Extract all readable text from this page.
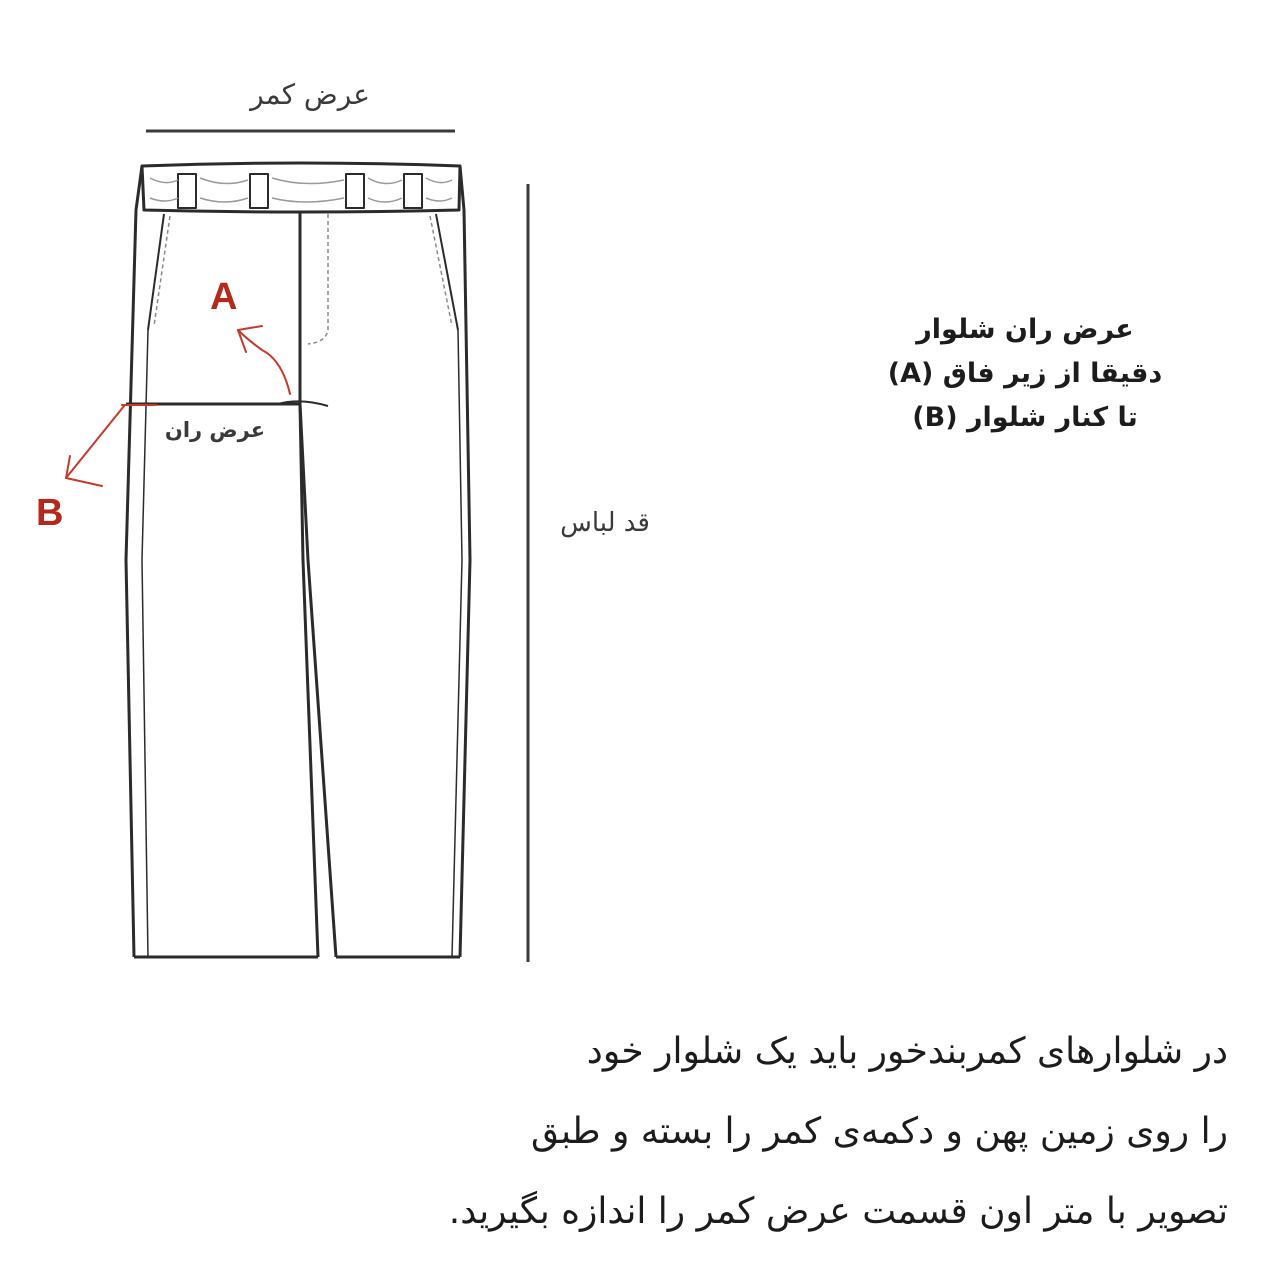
عرض کمر
عرض ران
قد لباس
A
B
عرض ران شلوار
دقیقا از زیر فاق (A)
تا کنار شلوار (B)
در شلوارهای کمربندخور باید یک شلوار خود
را روی زمین پهن و دکمه‌ی کمر را بسته و طبق
تصویر با متر اون قسمت عرض کمر را اندازه بگیرید.
